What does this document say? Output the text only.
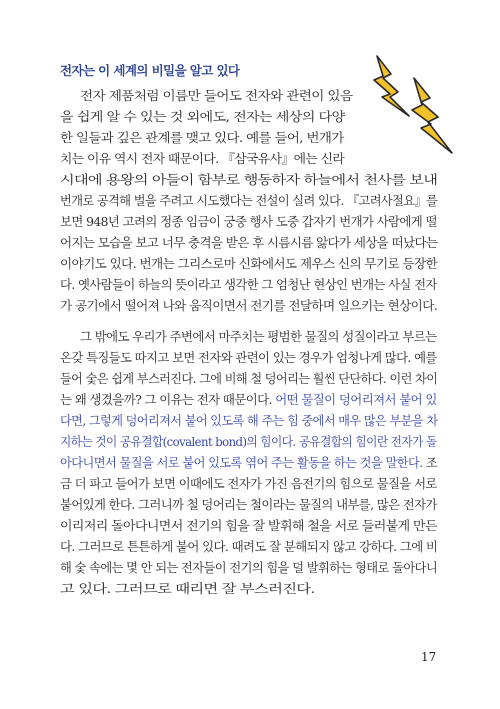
전자는 이 세계의 비밀을 알고 있다
전자 제품처럼 이름만 들어도 전자와 관련이 있음
을 쉽게 알 수 있는 것 외에도, 전자는 세상의 다양
한 일들과 깊은 관계를 맺고 있다. 예를 들어, 번개가
치는 이유 역시 전자 때문이다. 『삼국유사』에는 신라
시대에 용왕의 아들이 함부로 행동하자 하늘에서 천사를 보내
번개로 공격해 벌을 주려고 시도했다는 전설이 실려 있다. 『고려사절요』를
보면 948년 고려의 정종 임금이 궁중 행사 도중 갑자기 번개가 사람에게 떨
어지는 모습을 보고 너무 충격을 받은 후 시름시름 앓다가 세상을 떠났다는
이야기도 있다. 번개는 그리스로마 신화에서도 제우스 신의 무기로 등장한
다. 옛사람들이 하늘의 뜻이라고 생각한 그 엄청난 현상인 번개는 사실 전자
가 공기에서 떨어져 나와 움직이면서 전기를 전달하며 일으키는 현상이다.
그 밖에도 우리가 주변에서 마주치는 평범한 물질의 성질이라고 부르는
온갖 특징들도 따지고 보면 전자와 관련이 있는 경우가 엄청나게 많다. 예를
들어 숯은 쉽게 부스러진다. 그에 비해 철 덩어리는 훨씬 단단하다. 이런 차이
는 왜 생겼을까? 그 이유는 전자 때문이다. 어떤 물질이 덩어리져서 붙어 있
다면, 그렇게 덩어리져서 붙어 있도록 해 주는 힘 중에서 매우 많은 부분을 차
지하는 것이 공유결합(covalent bond)의 힘이다. 공유결합의 힘이란 전자가 돌
아다니면서 물질을 서로 붙어 있도록 엮어 주는 활동을 하는 것을 말한다. 조
금 더 파고 들어가 보면 이때에도 전자가 가진 음전기의 힘으로 물질을 서로
붙어있게 한다. 그러니까 철 덩어리는 철이라는 물질의 내부를, 많은 전자가
이리저리 돌아다니면서 전기의 힘을 잘 발휘해 철을 서로 들러붙게 만든
다. 그러므로 튼튼하게 붙어 있다. 때려도 잘 분해되지 않고 강하다. 그에 비
해 숯 속에는 몇 안 되는 전자들이 전기의 힘을 덜 발휘하는 형태로 돌아다니
고 있다. 그러므로 때리면 잘 부스러진다.
17
